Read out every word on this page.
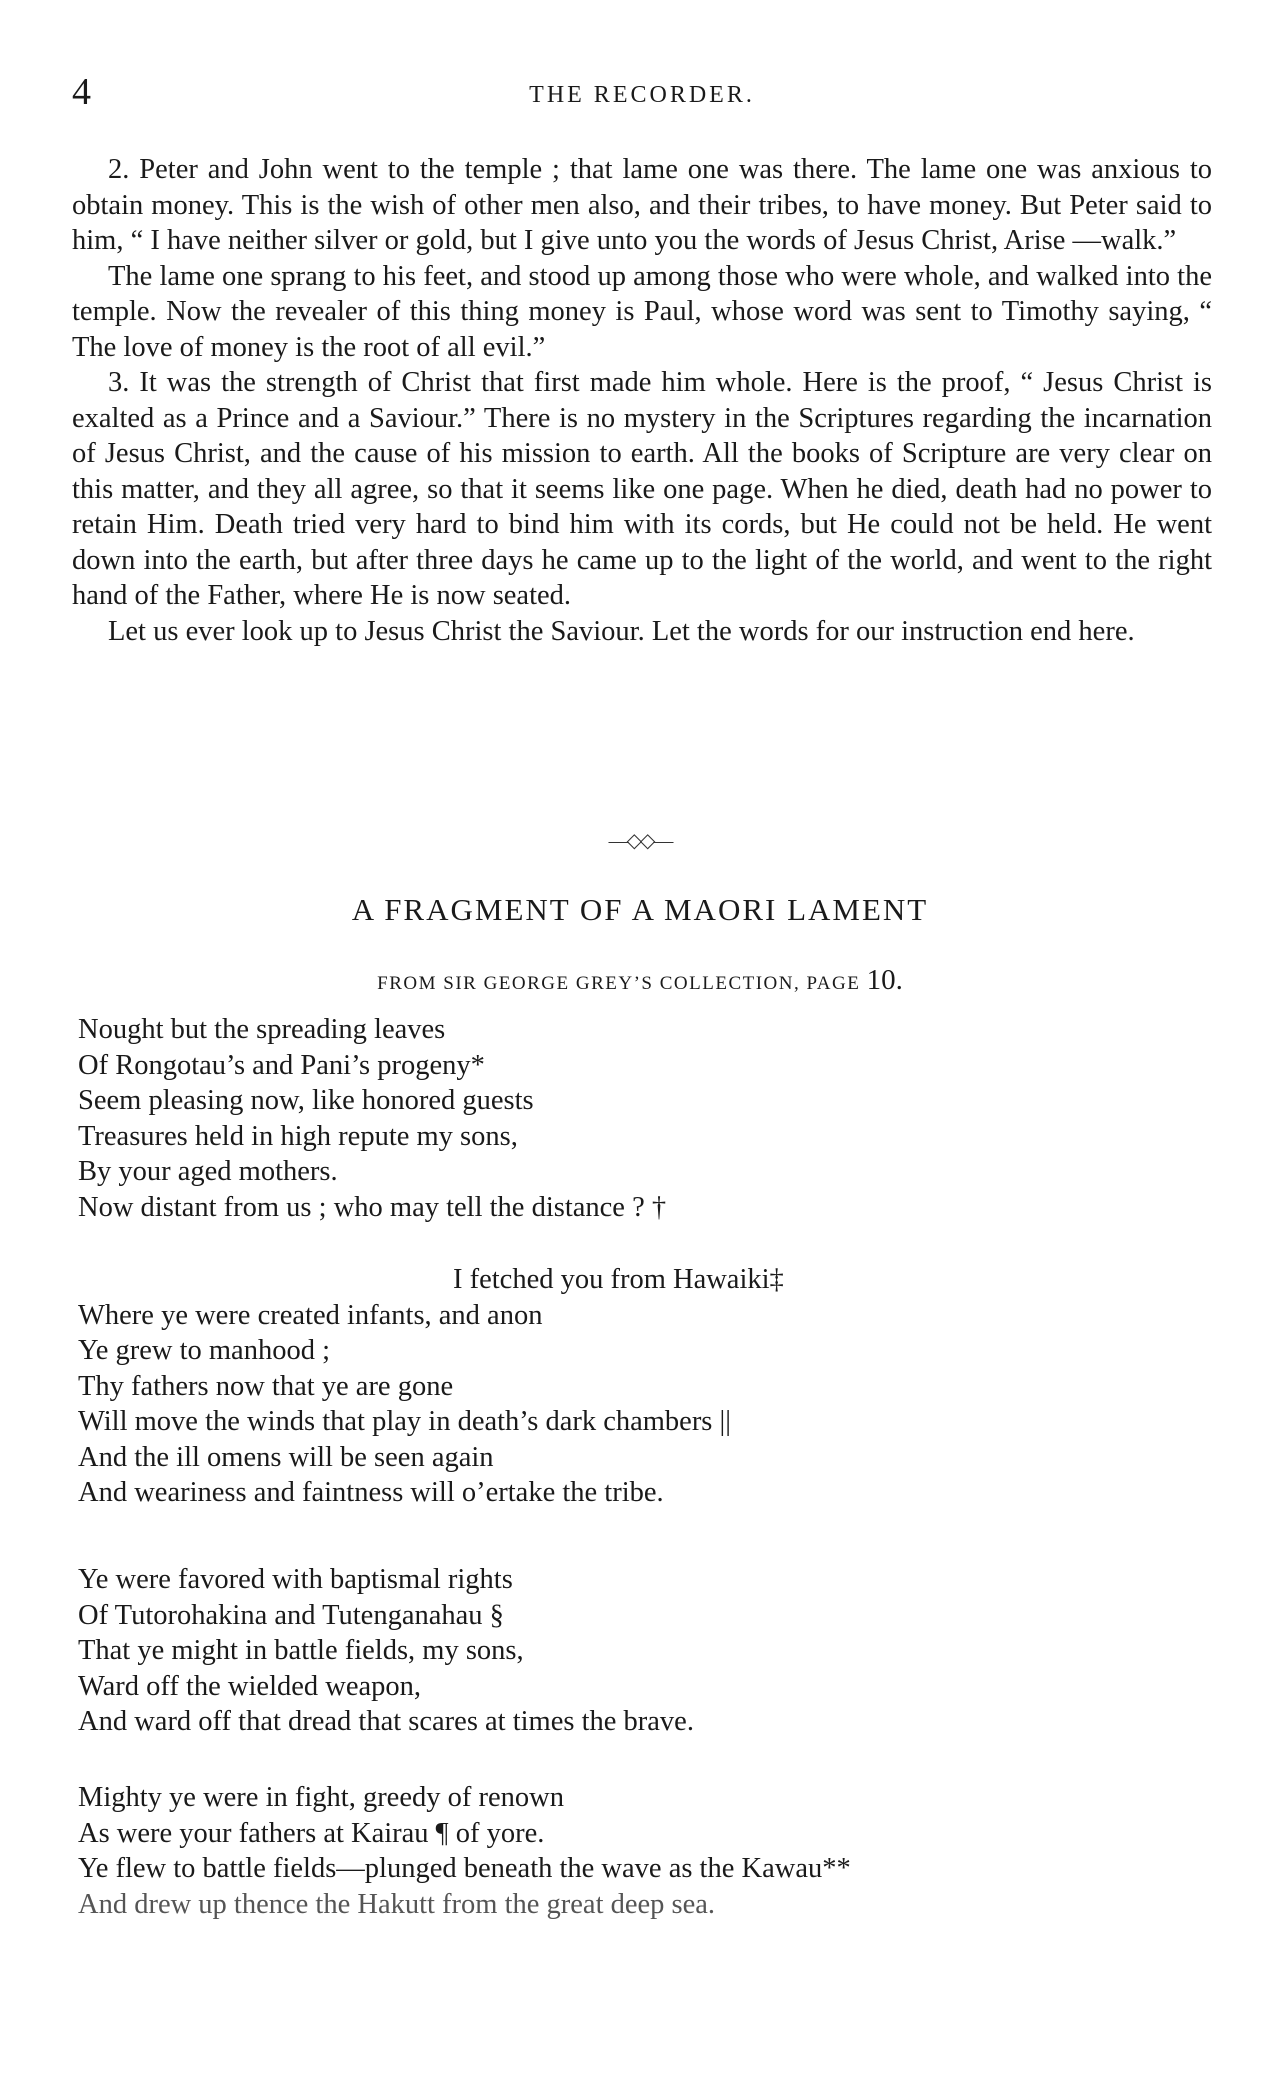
4	THE RECORDER.

2. Peter and John went to the temple ; that lame one was there. The lame one was anxious to obtain money. This is the wish of other men also, and their tribes, to have money. But Peter said to him, “ I have neither silver or gold, but I give unto you the words of Jesus Christ, Arise —walk.”

The lame one sprang to his feet, and stood up among those who were whole, and walked into the temple. Now the revealer of this thing money is Paul, whose word was sent to Timothy saying, “ The love of money is the root of all evil.”

3. It was the strength of Christ that first made him whole. Here is the proof, “ Jesus Christ is exalted as a Prince and a Saviour.” There is no mystery in the Scriptures regarding the incarnation of Jesus Christ, and the cause of his mission to earth. All the books of Scripture are very clear on this matter, and they all agree, so that it seems like one page. When he died, death had no power to retain Him. Death tried very hard to bind him with its cords, but He could not be held. He went down into the earth, but after three days he came up to the light of the world, and went to the right hand of the Father, where He is now seated.

Let us ever look up to Jesus Christ the Saviour. Let the words for our instruction end here.

—◇◇—
A FRAGMENT OF A MAORI LAMENT
FROM SIR GEORGE GREY’S COLLECTION, PAGE 10.
Nought but the spreading leaves
Of Rongotau’s and Pani’s progeny*
Seem pleasing now, like honored guests
Treasures held in high repute my sons,
By your aged mothers.
Now distant from us ; who may tell the distance ? †
I fetched you from Hawaiki‡
Where ye were created infants, and anon
Ye grew to manhood ;
Thy fathers now that ye are gone
Will move the winds that play in death’s dark chambers ||
And the ill omens will be seen again
And weariness and faintness will o’ertake the tribe.
Ye were favored with baptismal rights
Of Tutorohakina and Tutenganahau §
That ye might in battle fields, my sons,
Ward off the wielded weapon,
And ward off that dread that scares at times the brave.
Mighty ye were in fight, greedy of renown
As were your fathers at Kairau ¶ of yore.
Ye flew to battle fields—plunged beneath the wave as the Kawau**
And drew up thence the Hakutt from the great deep sea.
